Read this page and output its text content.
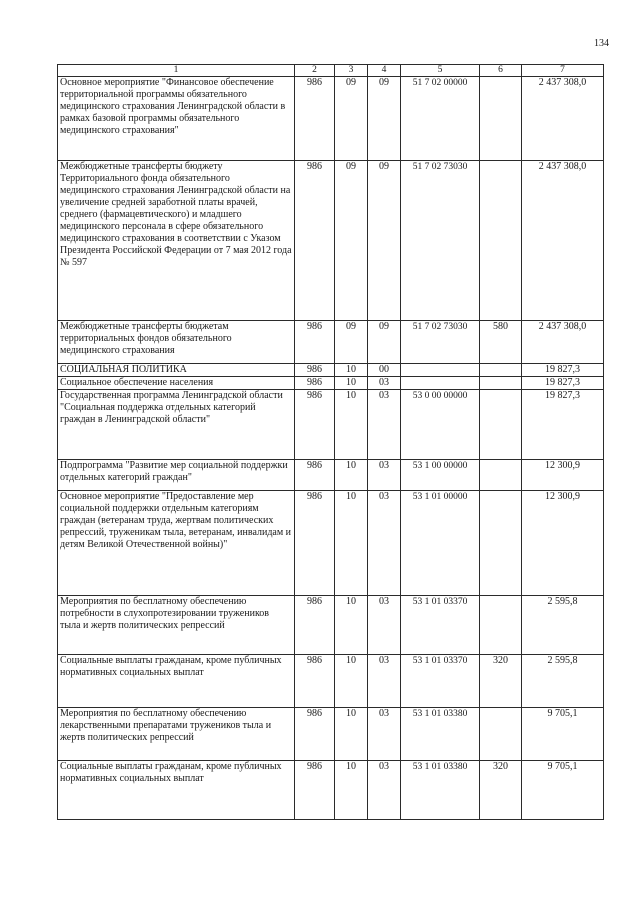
134
1	2	3	4	5	6	7
Основное мероприятие "Финансовое обеспечение территориальной программы обязательного медицинского страхования Ленинградской области в рамках базовой программы обязательного медицинского страхования"	986	09	09	51 7 02 00000		2 437 308,0
Межбюджетные трансферты бюджету Территориального фонда обязательного медицинского страхования Ленинградской области на увеличение средней заработной платы врачей, среднего (фармацевтического) и младшего медицинского персонала в сфере обязательного медицинского страхования в соответствии с Указом Президента Российской Федерации от 7 мая 2012 года № 597	986	09	09	51 7 02 73030		2 437 308,0
Межбюджетные трансферты бюджетам территориальных фондов обязательного медицинского страхования	986	09	09	51 7 02 73030	580	2 437 308,0
СОЦИАЛЬНАЯ ПОЛИТИКА	986	10	00			19 827,3
Социальное обеспечение населения	986	10	03			19 827,3
Государственная программа Ленинградской области "Социальная поддержка отдельных категорий граждан в Ленинградской области"	986	10	03	53 0 00 00000		19 827,3
Подпрограмма "Развитие мер социальной поддержки отдельных категорий граждан"	986	10	03	53 1 00 00000		12 300,9
Основное мероприятие "Предоставление мер социальной поддержки отдельным категориям граждан (ветеранам труда, жертвам политических репрессий, труженикам тыла, ветеранам, инвалидам и детям Великой Отечественной войны)"	986	10	03	53 1 01 00000		12 300,9
Мероприятия по бесплатному обеспечению потребности в слухопротезировании тружеников тыла и жертв политических репрессий	986	10	03	53 1 01 03370		2 595,8
Социальные выплаты гражданам, кроме публичных нормативных социальных выплат	986	10	03	53 1 01 03370	320	2 595,8
Мероприятия по бесплатному обеспечению лекарственными препаратами тружеников тыла и жертв политических репрессий	986	10	03	53 1 01 03380		9 705,1
Социальные выплаты гражданам, кроме публичных нормативных социальных выплат	986	10	03	53 1 01 03380	320	9 705,1
